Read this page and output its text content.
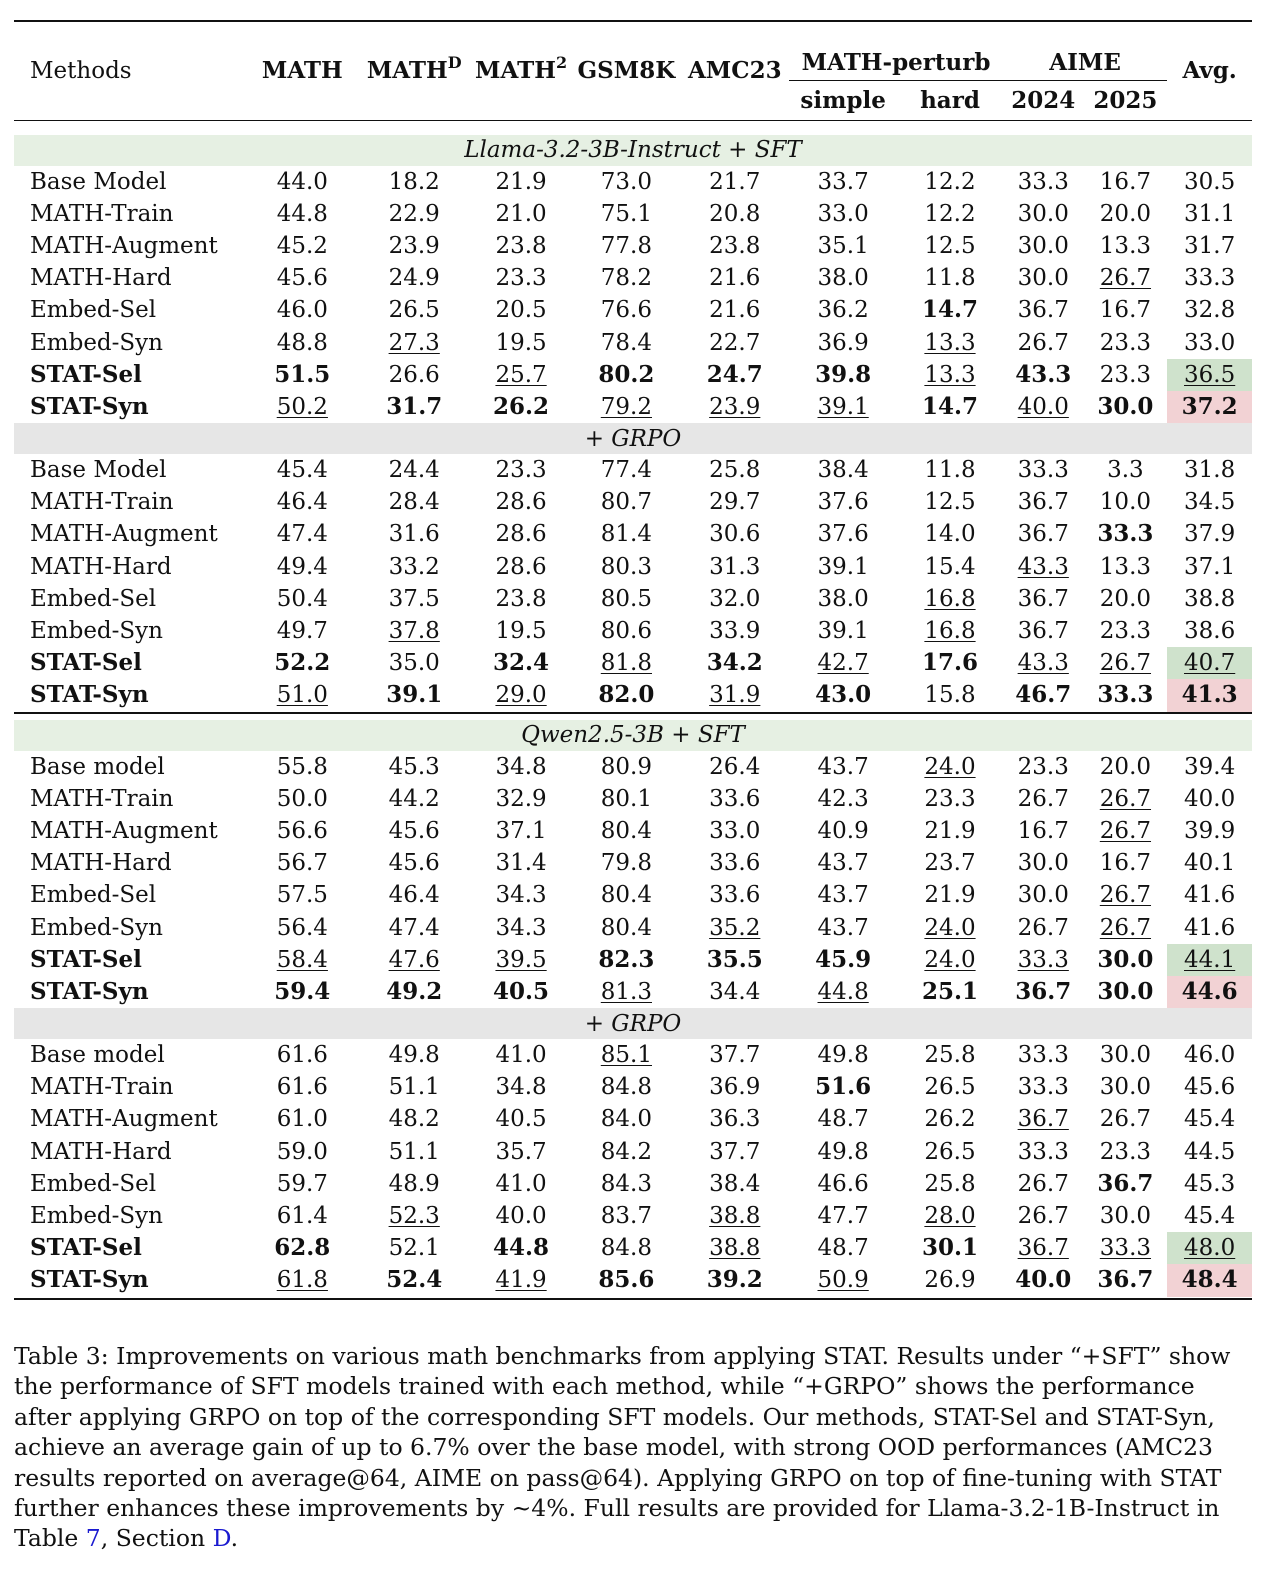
Methods	MATH	$MATH^D$	MATH$^2$	GSM8K	AMC23	MATH-perturb		AIME		Avg.
						simple	hard	2024	2025	

Llama-3.2-3B-Instruct + SFT										
Base Model	44.0	18.2	21.9	73.0	21.7	33.7	12.2	33.3	16.7	30.5
MATH-Train	44.8	22.9	21.0	75.1	20.8	33.0	12.2	30.0	20.0	31.1
MATH-Augment	45.2	23.9	23.8	77.8	23.8	35.1	12.5	30.0	13.3	31.7
MATH-Hard	45.6	24.9	23.3	78.2	21.6	38.0	11.8	30.0	26.7	33.3
Embed-Sel	46.0	26.5	20.5	76.6	21.6	36.2	14.7	36.7	16.7	32.8
Embed-Syn	48.8	27.3	19.5	78.4	22.7	36.9	13.3	26.7	23.3	33.0
STAT-Sel	51.5	26.6	25.7	80.2	24.7	39.8	13.3	43.3	23.3	36.5
STAT-Syn	50.2	31.7	26.2	79.2	23.9	39.1	14.7	40.0	30.0	37.2
+ GRPO										
Base Model	45.4	24.4	23.3	77.4	25.8	38.4	11.8	33.3	3.3	31.8
MATH-Train	46.4	28.4	28.6	80.7	29.7	37.6	12.5	36.7	10.0	34.5
MATH-Augment	47.4	31.6	28.6	81.4	30.6	37.6	14.0	36.7	33.3	37.9
MATH-Hard	49.4	33.2	28.6	80.3	31.3	39.1	15.4	43.3	13.3	37.1
Embed-Sel	50.4	37.5	23.8	80.5	32.0	38.0	16.8	36.7	20.0	38.8
Embed-Syn	49.7	37.8	19.5	80.6	33.9	39.1	16.8	36.7	23.3	38.6
STAT-Sel	52.2	35.0	32.4	81.8	34.2	42.7	17.6	43.3	26.7	40.7
STAT-Syn	51.0	39.1	29.0	82.0	31.9	43.0	15.8	46.7	33.3	41.3

Qwen2.5-3B + SFT										
Base model	55.8	45.3	34.8	80.9	26.4	43.7	24.0	23.3	20.0	39.4
MATH-Train	50.0	44.2	32.9	80.1	33.6	42.3	23.3	26.7	26.7	40.0
MATH-Augment	56.6	45.6	37.1	80.4	33.0	40.9	21.9	16.7	26.7	39.9
MATH-Hard	56.7	45.6	31.4	79.8	33.6	43.7	23.7	30.0	16.7	40.1
Embed-Sel	57.5	46.4	34.3	80.4	33.6	43.7	21.9	30.0	26.7	41.6
Embed-Syn	56.4	47.4	34.3	80.4	35.2	43.7	24.0	26.7	26.7	41.6
STAT-Sel	58.4	47.6	39.5	82.3	35.5	45.9	24.0	33.3	30.0	44.1
STAT-Syn	59.4	49.2	40.5	81.3	34.4	44.8	25.1	36.7	30.0	44.6
+ GRPO										
Base model	61.6	49.8	41.0	85.1	37.7	49.8	25.8	33.3	30.0	46.0
MATH-Train	61.6	51.1	34.8	84.8	36.9	51.6	26.5	33.3	30.0	45.6
MATH-Augment	61.0	48.2	40.5	84.0	36.3	48.7	26.2	36.7	26.7	45.4
MATH-Hard	59.0	51.1	35.7	84.2	37.7	49.8	26.5	33.3	23.3	44.5
Embed-Sel	59.7	48.9	41.0	84.3	38.4	46.6	25.8	26.7	36.7	45.3
Embed-Syn	61.4	52.3	40.0	83.7	38.8	47.7	28.0	26.7	30.0	45.4
STAT-Sel	62.8	52.1	44.8	84.8	38.8	48.7	30.1	36.7	33.3	48.0
STAT-Syn	61.8	52.4	41.9	85.6	39.2	50.9	26.9	40.0	36.7	48.4
Table 3: Improvements on various math benchmarks from applying STAT. Results under “+SFT” show the performance of SFT models trained with each method, while “+GRPO” shows the performance after applying GRPO on top of the corresponding SFT models. Our methods, STAT-Sel and STAT-Syn, achieve an average gain of up to 6.7% over the base model, with strong OOD performances (AMC23 results reported on average@64, AIME on pass@64). Applying GRPO on top of fine-tuning with STAT further enhances these improvements by ~4%. Full results are provided for Llama-3.2-1B-Instruct in Table 7, Section D.
